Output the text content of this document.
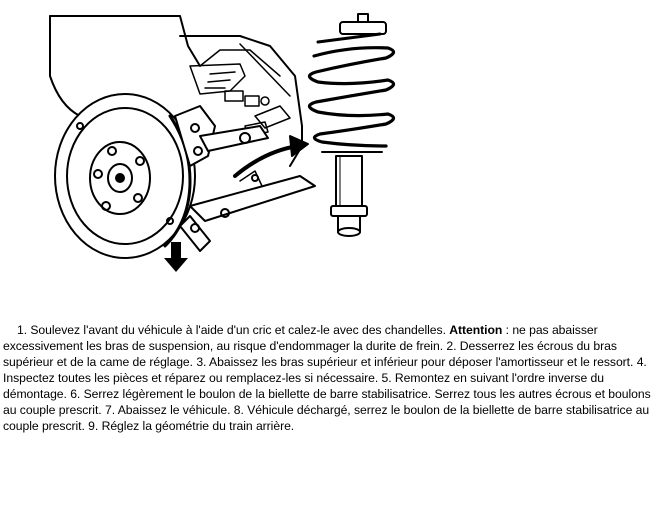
1. Soulevez l'avant du véhicule à l'aide d'un cric et calez-le avec des chandelles. Attention : ne pas abaisser excessivement les bras de suspension, au risque d'endommager la durite de frein. 2. Desserrez les écrous du bras supérieur et de la came de réglage. 3. Abaissez les bras supérieur et inférieur pour déposer l'amortisseur et le ressort. 4. Inspectez toutes les pièces et réparez ou remplacez-les si nécessaire. 5. Remontez en suivant l'ordre inverse du démontage. 6. Serrez légèrement le boulon de la biellette de barre stabilisatrice. Serrez tous les autres écrous et boulons au couple prescrit. 7. Abaissez le véhicule. 8. Véhicule déchargé, serrez le boulon de la biellette de barre stabilisatrice au couple prescrit. 9. Réglez la géométrie du train arrière.
